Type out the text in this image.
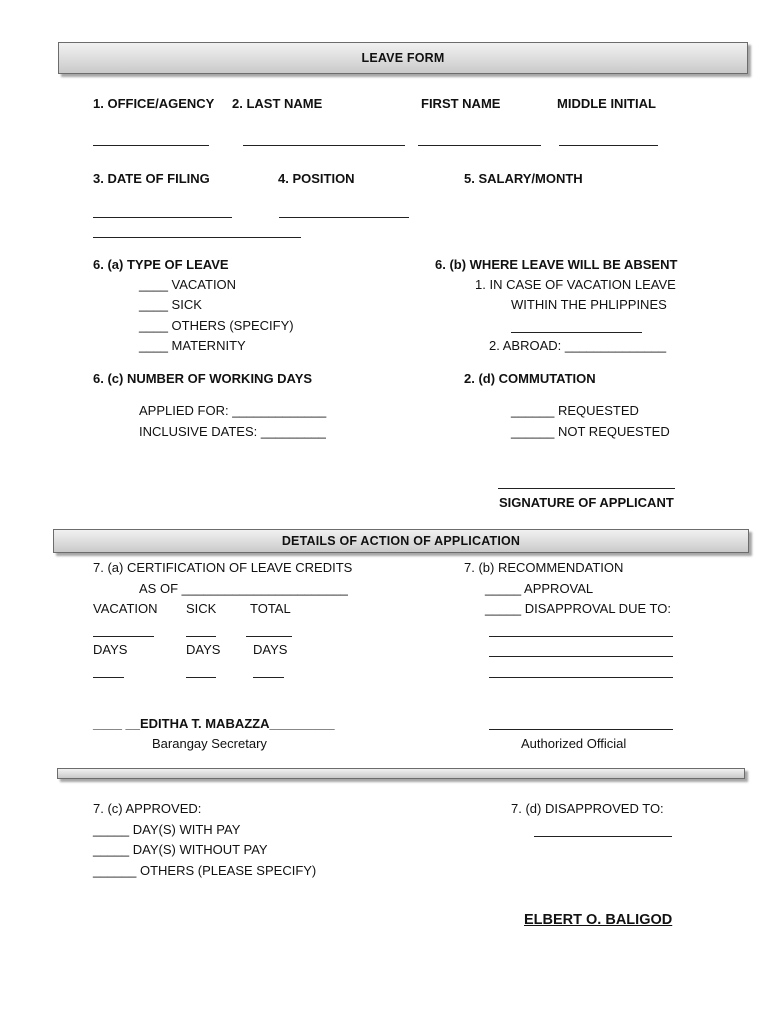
LEAVE FORM
1. OFFICE/AGENCY 2. LAST NAME	FIRST NAME	MIDDLE INITIAL
3. DATE OF FILING	4. POSITION	5. SALARY/MONTH
6. (a) TYPE OF LEAVE
____ VACATION
____ SICK
____ OTHERS (SPECIFY)
____ MATERNITY
6. (b) WHERE LEAVE WILL BE ABSENT
1. IN CASE OF VACATION LEAVE
WITHIN THE PHLIPPINES
2. ABROAD: ______________
6. (c) NUMBER OF WORKING DAYS
APPLIED FOR: _____________
INCLUSIVE DATES: _________
2. (d) COMMUTATION
______ REQUESTED
______ NOT REQUESTED
SIGNATURE OF APPLICANT
DETAILS OF ACTION OF APPLICATION
7. (a) CERTIFICATION OF LEAVE CREDITS
AS OF _______________________
VACATION SICK	TOTAL
DAYS	DAYS	DAYS
7. (b) RECOMMENDATION
_____ APPROVAL
_____ DISAPPROVAL DUE TO:
____ __EDITHA T. MABAZZA_________
Barangay Secretary	Authorized Official
7. (c) APPROVED:
_____ DAY(S) WITH PAY
_____ DAY(S) WITHOUT PAY
______ OTHERS (PLEASE SPECIFY)
7. (d) DISAPPROVED TO:
ELBERT O. BALIGOD
